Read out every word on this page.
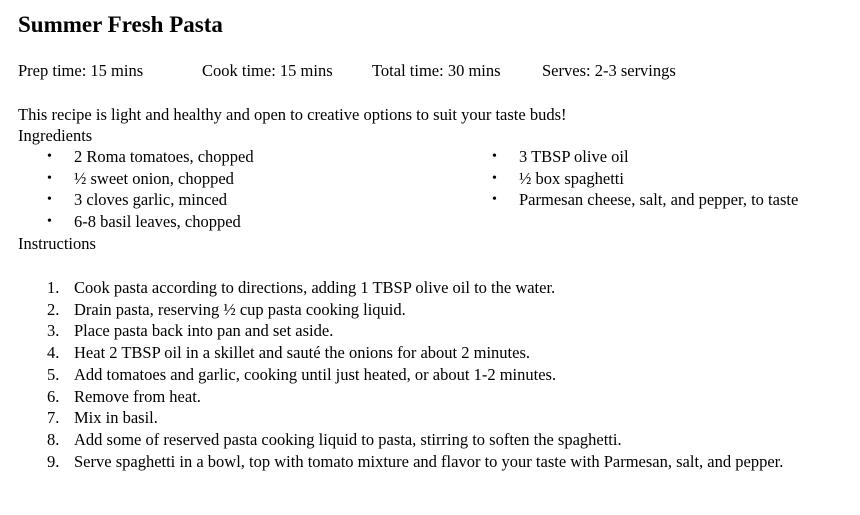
Summer Fresh Pasta
Prep time: 15 mins	Cook time: 15 mins Total time: 30 mins	Serves: 2-3 servings
This recipe is light and healthy and open to creative options to suit your taste buds!
Ingredients
• 2 Roma tomatoes, chopped
• ½ sweet onion, chopped
• 3 cloves garlic, minced
• 6-8 basil leaves, chopped
• 3 TBSP olive oil
• ½ box spaghetti
• Parmesan cheese, salt, and pepper, to taste
Instructions
1. Cook pasta according to directions, adding 1 TBSP olive oil to the water.
2. Drain pasta, reserving ½ cup pasta cooking liquid.
3. Place pasta back into pan and set aside.
4. Heat 2 TBSP oil in a skillet and sauté the onions for about 2 minutes.
5. Add tomatoes and garlic, cooking until just heated, or about 1-2 minutes.
6. Remove from heat.
7. Mix in basil.
8. Add some of reserved pasta cooking liquid to pasta, stirring to soften the spaghetti.
9. Serve spaghetti in a bowl, top with tomato mixture and flavor to your taste with Parmesan, salt, and pepper.
